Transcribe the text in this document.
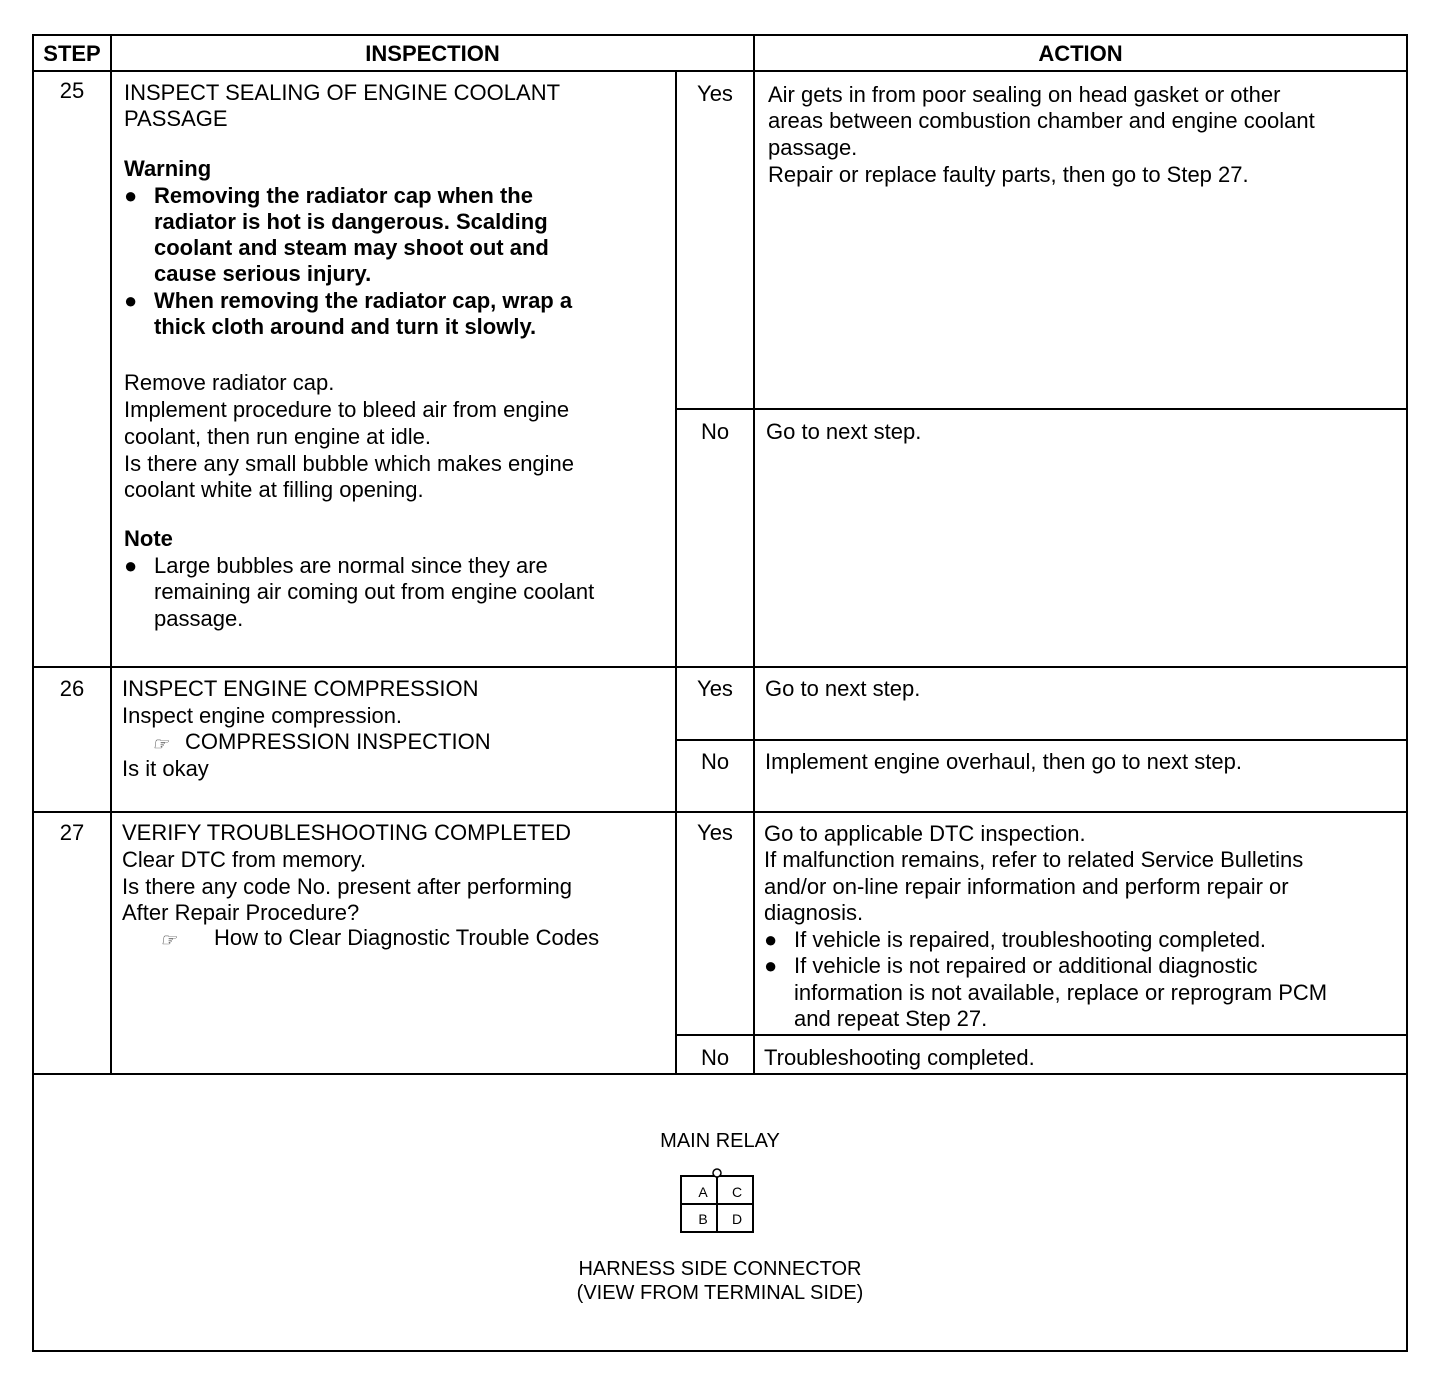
STEP	INSPECTION	ACTION
25	INSPECT SEALING OF ENGINE COOLANT
PASSAGE
Warning
● Removing the radiator cap when the
radiator is hot is dangerous. Scalding
coolant and steam may shoot out and
cause serious injury.
● When removing the radiator cap, wrap a
thick cloth around and turn it slowly.
Remove radiator cap.
Implement procedure to bleed air from engine
coolant, then run engine at idle.
Is there any small bubble which makes engine
coolant white at filling opening.
Note
● Large bubbles are normal since they are
remaining air coming out from engine coolant
passage.
Yes	Air gets in from poor sealing on head gasket or other
areas between combustion chamber and engine coolant
passage.
Repair or replace faulty parts, then go to Step 27.
No	Go to next step.
26	INSPECT ENGINE COMPRESSION
Inspect engine compression.
☞ COMPRESSION INSPECTION
Is it okay
Yes	Go to next step.
No	Implement engine overhaul, then go to next step.
27	VERIFY TROUBLESHOOTING COMPLETED
Clear DTC from memory.
Is there any code No. present after performing
After Repair Procedure?
☞ How to Clear Diagnostic Trouble Codes
Yes	Go to applicable DTC inspection.
If malfunction remains, refer to related Service Bulletins
and/or on-line repair information and perform repair or
diagnosis.
● If vehicle is repaired, troubleshooting completed.
● If vehicle is not repaired or additional diagnostic
information is not available, replace or reprogram PCM
and repeat Step 27.
No	Troubleshooting completed.
MAIN RELAY
A	C
B	D
HARNESS SIDE CONNECTOR
(VIEW FROM TERMINAL SIDE)
